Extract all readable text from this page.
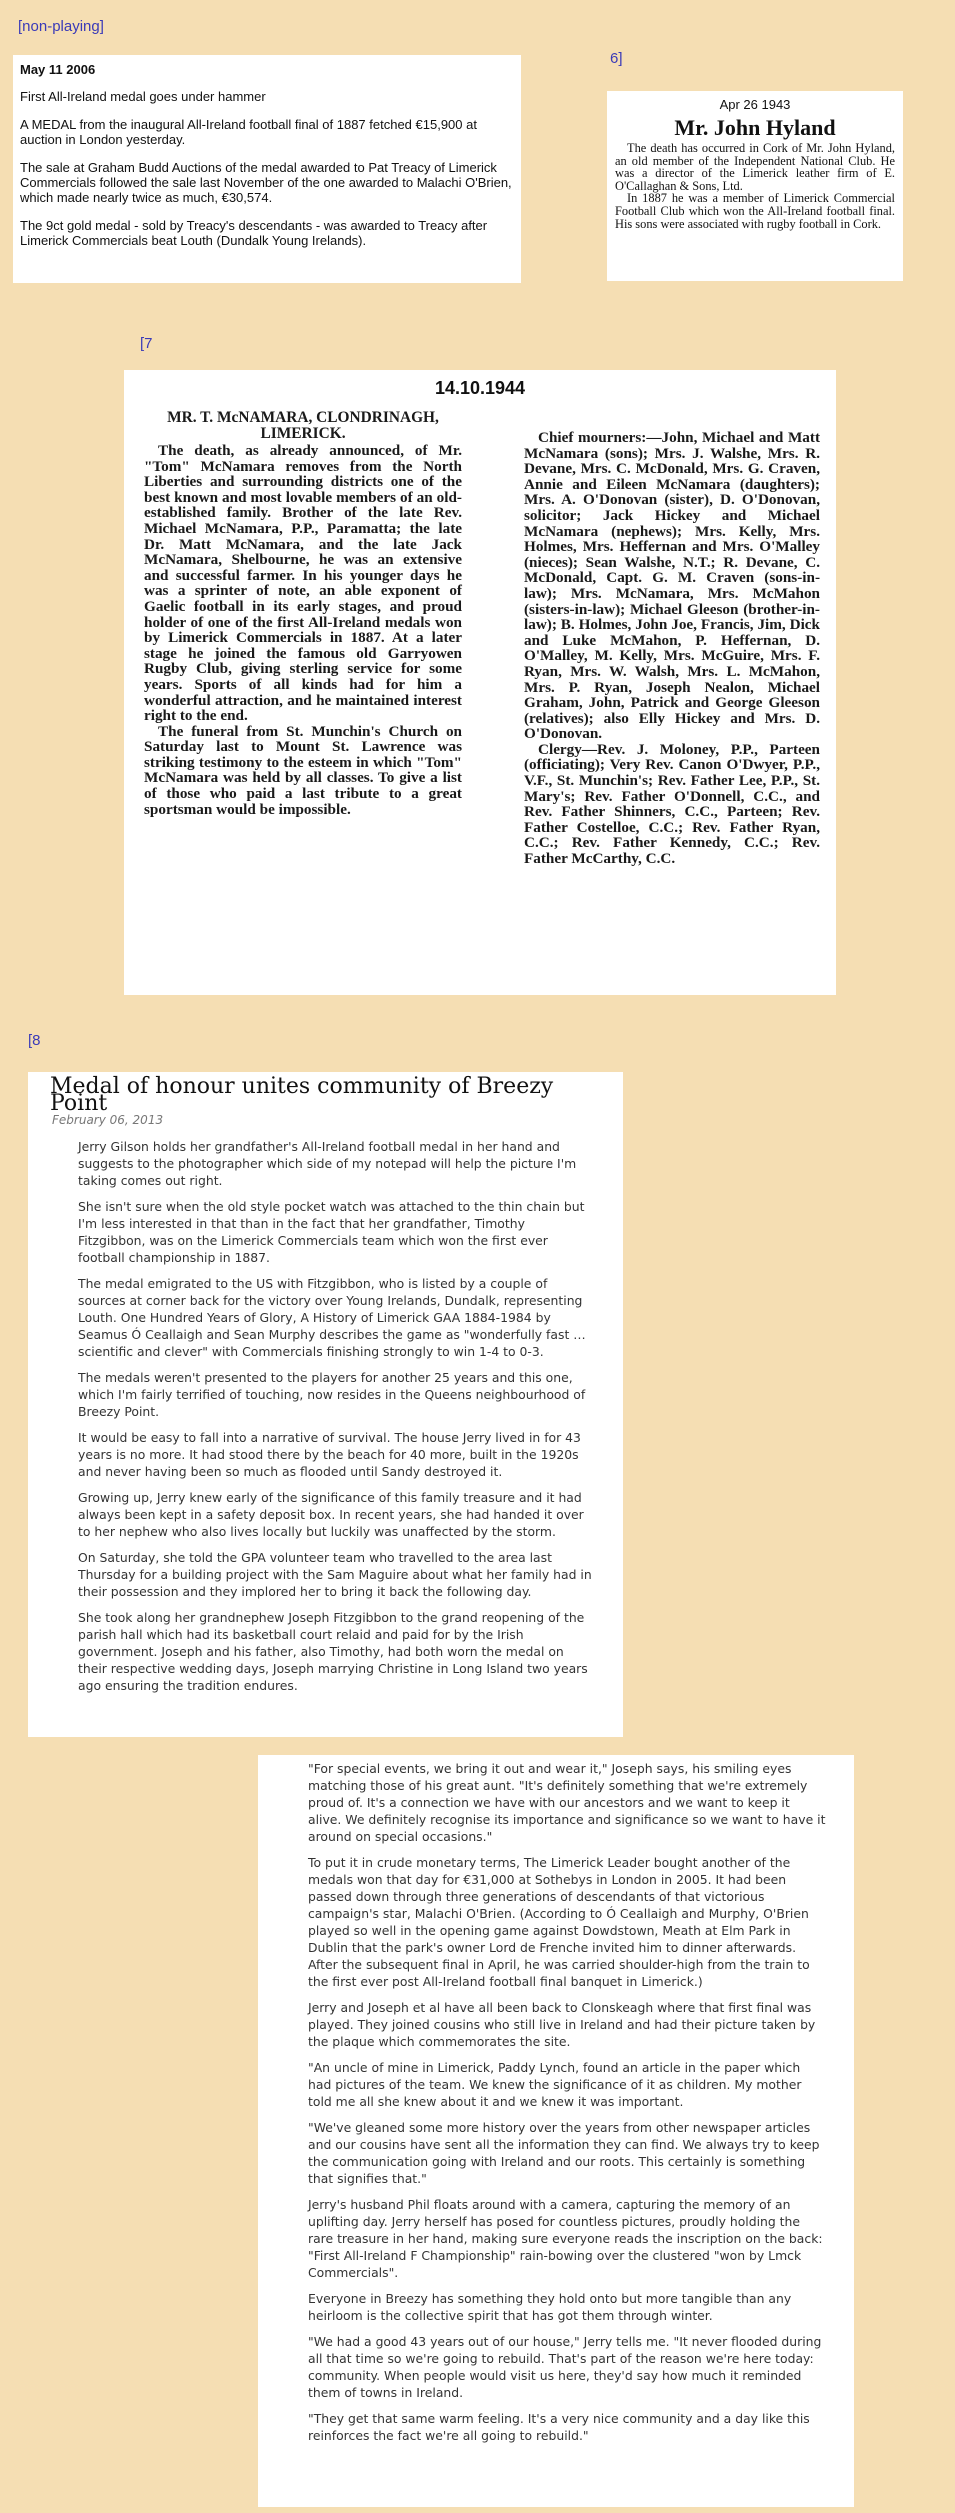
[non-playing]
6]
[7
[8
May 11 2006

First All-Ireland medal goes under hammer

A MEDAL from the inaugural All-Ireland football final of 1887 fetched €15,900 at auction in London yesterday.

The sale at Graham Budd Auctions of the medal awarded to Pat Treacy of Limerick Commercials followed the sale last November of the one awarded to Malachi O'Brien, which made nearly twice as much, €30,574.

The 9ct gold medal - sold by Treacy's descendants - was awarded to Treacy after Limerick Commercials beat Louth (Dundalk Young Irelands).

Apr 26 1943
Mr. John Hyland

The death has occurred in Cork of Mr. John Hyland, an old member of the Independent National Club. He was a director of the Limerick leather firm of E. O'Callaghan & Sons, Ltd.

In 1887 he was a member of Limerick Commercial Football Club which won the All-Ireland football final. His sons were associated with rugby football in Cork.

14.10.1944
MR. T. McNAMARA, CLONDRINAGH, LIMERICK.

The death, as already announced, of Mr. "Tom" McNamara removes from the North Liberties and surrounding districts one of the best known and most lovable members of an old-established family. Brother of the late Rev. Michael McNamara, P.P., Paramatta; the late Dr. Matt McNamara, and the late Jack McNamara, Shelbourne, he was an extensive and successful farmer. In his younger days he was a sprinter of note, an able exponent of Gaelic football in its early stages, and proud holder of one of the first All-Ireland medals won by Limerick Commercials in 1887. At a later stage he joined the famous old Garryowen Rugby Club, giving sterling service for some years. Sports of all kinds had for him a wonderful attraction, and he maintained interest right to the end.

The funeral from St. Munchin's Church on Saturday last to Mount St. Lawrence was striking testimony to the esteem in which "Tom" McNamara was held by all classes. To give a list of those who paid a last tribute to a great sportsman would be impossible.

Chief mourners:—John, Michael and Matt McNamara (sons); Mrs. J. Walshe, Mrs. R. Devane, Mrs. C. McDonald, Mrs. G. Craven, Annie and Eileen McNamara (daughters); Mrs. A. O'Donovan (sister), D. O'Donovan, solicitor; Jack Hickey and Michael McNamara (nephews); Mrs. Kelly, Mrs. Holmes, Mrs. Heffernan and Mrs. O'Malley (nieces); Sean Walshe, N.T.; R. Devane, C. McDonald, Capt. G. M. Craven (sons-in-law); Mrs. McNamara, Mrs. McMahon (sisters-in-law); Michael Gleeson (brother-in-law); B. Holmes, John Joe, Francis, Jim, Dick and Luke McMahon, P. Heffernan, D. O'Malley, M. Kelly, Mrs. McGuire, Mrs. F. Ryan, Mrs. W. Walsh, Mrs. L. McMahon, Mrs. P. Ryan, Joseph Nealon, Michael Graham, John, Patrick and George Gleeson (relatives); also Elly Hickey and Mrs. D. O'Donovan.

Clergy—Rev. J. Moloney, P.P., Parteen (officiating); Very Rev. Canon O'Dwyer, P.P., V.F., St. Munchin's; Rev. Father Lee, P.P., St. Mary's; Rev. Father O'Donnell, C.C., and Rev. Father Shinners, C.C., Parteen; Rev. Father Costelloe, C.C.; Rev. Father Ryan, C.C.; Rev. Father Kennedy, C.C.; Rev. Father McCarthy, C.C.

Medal of honour unites community of Breezy Point
February 06, 2013

Jerry Gilson holds her grandfather's All-Ireland football medal in her hand and suggests to the photographer which side of my notepad will help the picture I'm taking comes out right.

She isn't sure when the old style pocket watch was attached to the thin chain but I'm less interested in that than in the fact that her grandfather, Timothy Fitzgibbon, was on the Limerick Commercials team which won the first ever football championship in 1887.

The medal emigrated to the US with Fitzgibbon, who is listed by a couple of sources at corner back for the victory over Young Irelands, Dundalk, representing Louth. One Hundred Years of Glory, A History of Limerick GAA 1884-1984 by Seamus Ó Ceallaigh and Sean Murphy describes the game as "wonderfully fast … scientific and clever" with Commercials finishing strongly to win 1-4 to 0-3.

The medals weren't presented to the players for another 25 years and this one, which I'm fairly terrified of touching, now resides in the Queens neighbourhood of Breezy Point.

It would be easy to fall into a narrative of survival. The house Jerry lived in for 43 years is no more. It had stood there by the beach for 40 more, built in the 1920s and never having been so much as flooded until Sandy destroyed it.

Growing up, Jerry knew early of the significance of this family treasure and it had always been kept in a safety deposit box. In recent years, she had handed it over to her nephew who also lives locally but luckily was unaffected by the storm.

On Saturday, she told the GPA volunteer team who travelled to the area last Thursday for a building project with the Sam Maguire about what her family had in their possession and they implored her to bring it back the following day.

She took along her grandnephew Joseph Fitzgibbon to the grand reopening of the parish hall which had its basketball court relaid and paid for by the Irish government. Joseph and his father, also Timothy, had both worn the medal on their respective wedding days, Joseph marrying Christine in Long Island two years ago ensuring the tradition endures.

"For special events, we bring it out and wear it," Joseph says, his smiling eyes matching those of his great aunt. "It's definitely something that we're extremely proud of. It's a connection we have with our ancestors and we want to keep it alive. We definitely recognise its importance and significance so we want to have it around on special occasions."

To put it in crude monetary terms, The Limerick Leader bought another of the medals won that day for €31,000 at Sothebys in London in 2005. It had been passed down through three generations of descendants of that victorious campaign's star, Malachi O'Brien. (According to Ó Ceallaigh and Murphy, O'Brien played so well in the opening game against Dowdstown, Meath at Elm Park in Dublin that the park's owner Lord de Frenche invited him to dinner afterwards. After the subsequent final in April, he was carried shoulder-high from the train to the first ever post All-Ireland football final banquet in Limerick.)

Jerry and Joseph et al have all been back to Clonskeagh where that first final was played. They joined cousins who still live in Ireland and had their picture taken by the plaque which commemorates the site.

"An uncle of mine in Limerick, Paddy Lynch, found an article in the paper which had pictures of the team. We knew the significance of it as children. My mother told me all she knew about it and we knew it was important.

"We've gleaned some more history over the years from other newspaper articles and our cousins have sent all the information they can find. We always try to keep the communication going with Ireland and our roots. This certainly is something that signifies that."

Jerry's husband Phil floats around with a camera, capturing the memory of an uplifting day. Jerry herself has posed for countless pictures, proudly holding the rare treasure in her hand, making sure everyone reads the inscription on the back: "First All-Ireland F Championship" rain-bowing over the clustered "won by Lmck Commercials".

Everyone in Breezy has something they hold onto but more tangible than any heirloom is the collective spirit that has got them through winter.

"We had a good 43 years out of our house," Jerry tells me. "It never flooded during all that time so we're going to rebuild. That's part of the reason we're here today: community. When people would visit us here, they'd say how much it reminded them of towns in Ireland.

"They get that same warm feeling. It's a very nice community and a day like this reinforces the fact we're all going to rebuild."
